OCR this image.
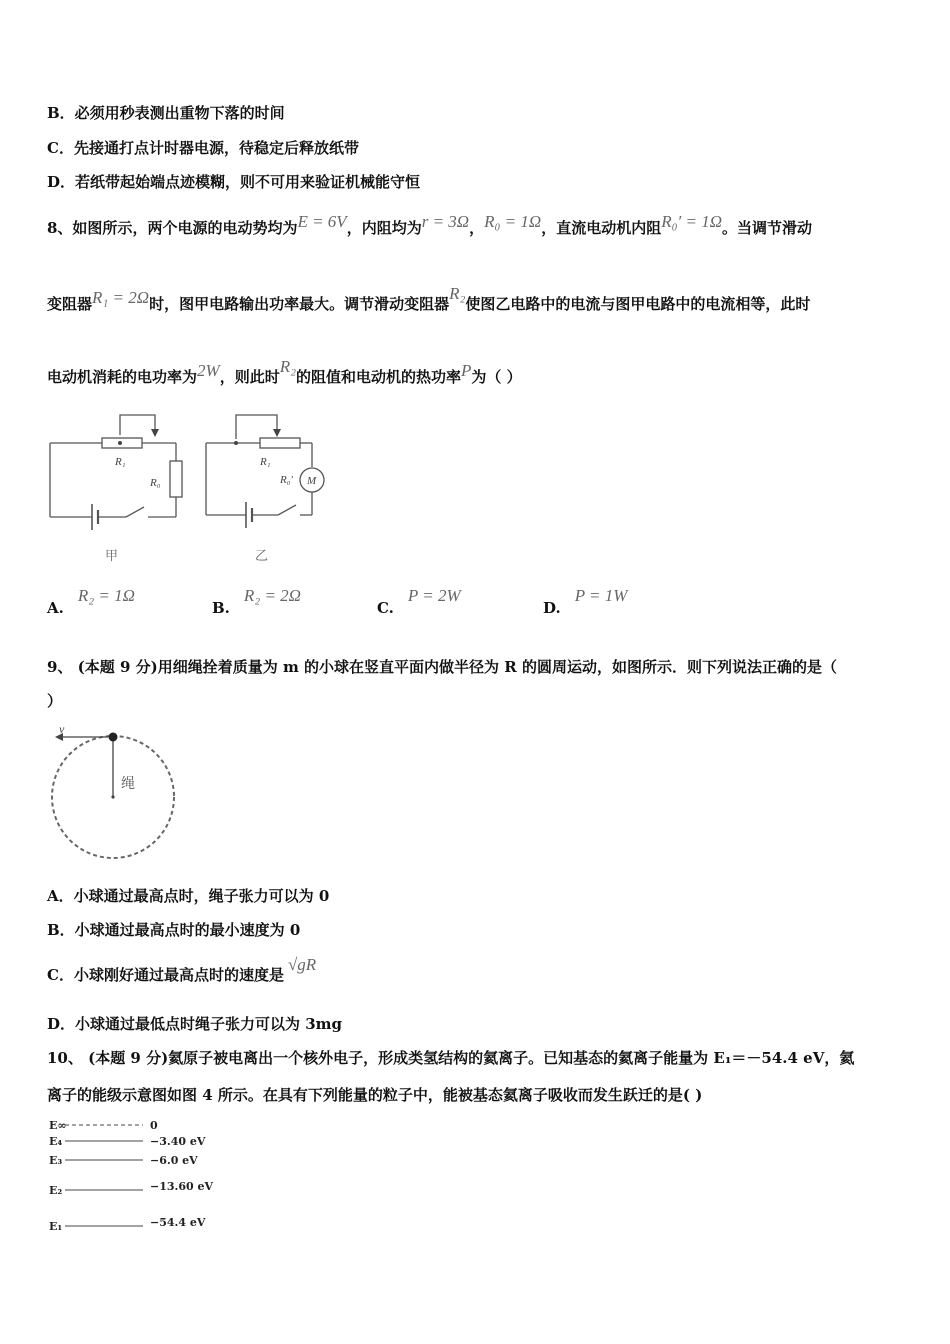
B．必须用秒表测出重物下落的时间
C．先接通打点计时器电源，待稳定后释放纸带
D．若纸带起始端点迹模糊，则不可用来验证机械能守恒
8、如图所示，两个电源的电动势均为E = 6V，内阻均为r = 3Ω，R₀ = 1Ω，直流电动机内阻R₀′ = 1Ω。当调节滑动
变阻器R₁ = 2Ω时，图甲电路输出功率最大。调节滑动变阻器R₂使图乙电路中的电流与图甲电路中的电流相等，此时
电动机消耗的电功率为2W，则此时R₂的阻值和电动机的热功率P为（ ）
R₁
R₀
R₁
R₀′ M
甲	乙
A.R₂ = 1Ω
B.R₂ = 2Ω
C.P = 2W
D.P = 1W
9、 (本题 9 分)用细绳拴着质量为 m 的小球在竖直平面内做半径为 R 的圆周运动，如图所示．则下列说法正确的是（
）
v
绳
A．小球通过最高点时，绳子张力可以为 0
B．小球通过最高点时的最小速度为 0
C．小球刚好通过最高点时的速度是√gR
D．小球通过最低点时绳子张力可以为 3mg
10、 (本题 9 分)氦原子被电离出一个核外电子，形成类氢结构的氦离子。已知基态的氦离子能量为 E₁＝－54.4 eV，氦
离子的能级示意图如图 4 所示。在具有下列能量的粒子中，能被基态氦离子吸收而发生跃迁的是( )
E∞
E₄
E₃
E₂
E₁
0
−3.40 eV
−6.0 eV
−13.60 eV
−54.4 eV
